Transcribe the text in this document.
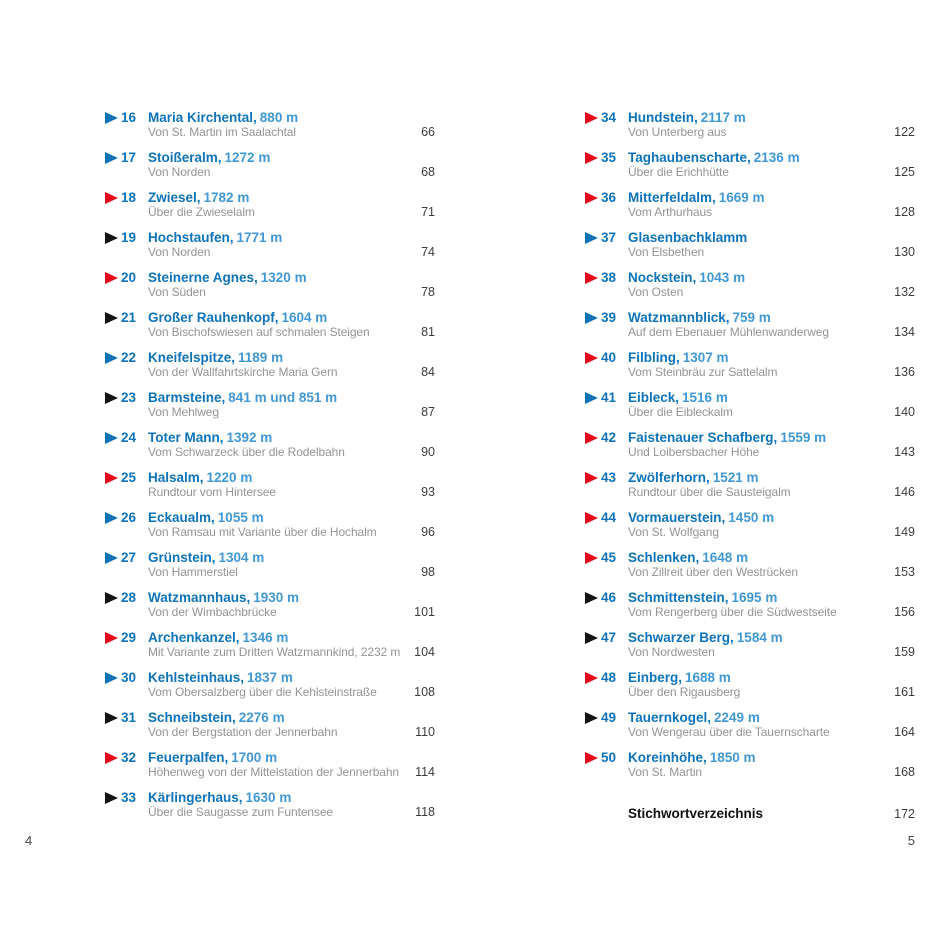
16 Maria Kirchental, 880 m
Von St. Martin im Saalachtal	66
17 Stoißeralm, 1272 m
Von Norden	68
18 Zwiesel, 1782 m
Über die Zwieselalm	71
19 Hochstaufen, 1771 m
Von Norden	74
20 Steinerne Agnes, 1320 m
Von Süden	78
21 Großer Rauhenkopf, 1604 m
Von Bischofswiesen auf schmalen Steigen	81
22 Kneifelspitze, 1189 m
Von der Wallfahrtskirche Maria Gern	84
23 Barmsteine, 841 m und 851 m
Von Mehlweg	87
24 Toter Mann, 1392 m
Vom Schwarzeck über die Rodelbahn	90
25 Halsalm, 1220 m
Rundtour vom Hintersee	93
26 Eckaualm, 1055 m
Von Ramsau mit Variante über die Hochalm	96
27 Grünstein, 1304 m
Von Hammerstiel	98
28 Watzmannhaus, 1930 m
Von der Wimbachbrücke	101
29 Archenkanzel, 1346 m
Mit Variante zum Dritten Watzmannkind, 2232 m	104
30 Kehlsteinhaus, 1837 m
Vom Obersalzberg über die Kehlsteinstraße	108
31 Schneibstein, 2276 m
Von der Bergstation der Jennerbahn	110
32 Feuerpalfen, 1700 m
Höhenweg von der Mittelstation der Jennerbahn	114
33 Kärlingerhaus, 1630 m
Über die Saugasse zum Funtensee	118
34 Hundstein, 2117 m
Von Unterberg aus	122
35 Taghaubenscharte, 2136 m
Über die Erichhütte	125
36 Mitterfeldalm, 1669 m
Vom Arthurhaus	128
37 Glasenbachklamm
Von Elsbethen	130
38 Nockstein, 1043 m
Von Osten	132
39 Watzmannblick, 759 m
Auf dem Ebenauer Mühlenwanderweg	134
40 Filbling, 1307 m
Vom Steinbräu zur Sattelalm	136
41 Eibleck, 1516 m
Über die Eibleckalm	140
42 Faistenauer Schafberg, 1559 m
Und Loibersbacher Höhe	143
43 Zwölferhorn, 1521 m
Rundtour über die Sausteigalm	146
44 Vormauerstein, 1450 m
Von St. Wolfgang	149
45 Schlenken, 1648 m
Von Zillreit über den Westrücken	153
46 Schmittenstein, 1695 m
Vom Rengerberg über die Südwestseite	156
47 Schwarzer Berg, 1584 m
Von Nordwesten	159
48 Einberg, 1688 m
Über den Rigausberg	161
49 Tauernkogel, 2249 m
Von Wengerau über die Tauernscharte	164
50 Koreinhöhe, 1850 m
Von St. Martin	168
Stichwortverzeichnis	172
4	5
